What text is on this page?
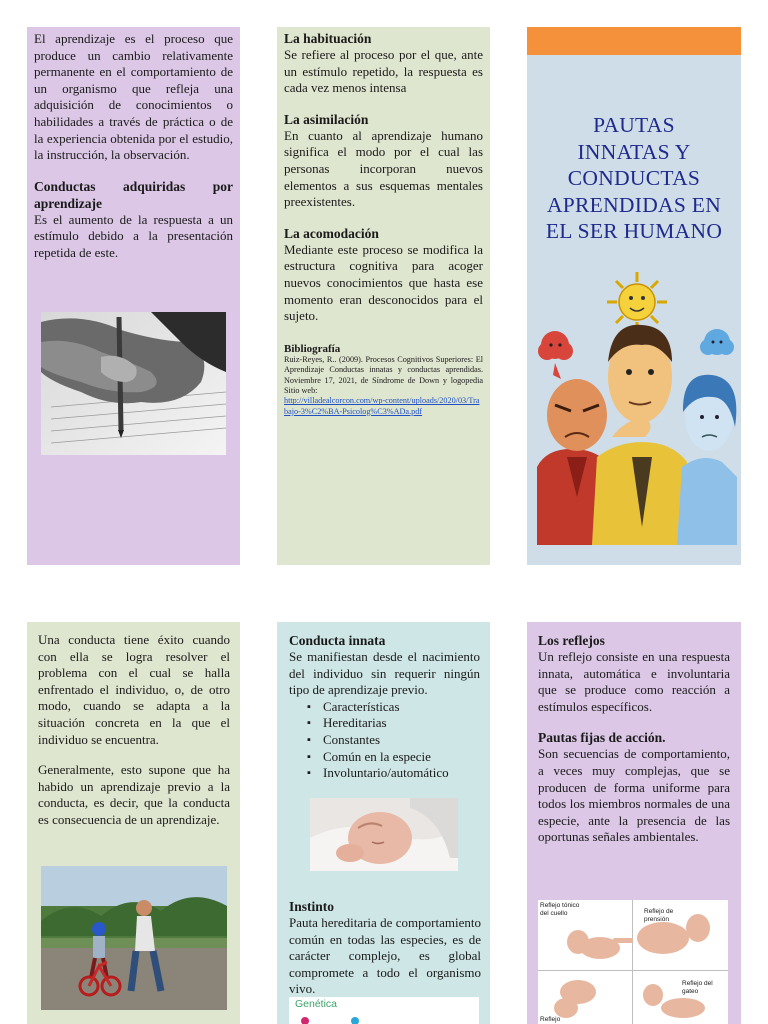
El aprendizaje es el proceso que produce un cambio relativamente permanente en el comportamiento de un organismo que refleja una adquisición de conocimientos o habilidades a través de práctica o de la experiencia obtenida por el estudio, la instrucción, la observación.

Conductas adquiridas por aprendizaje

Es el aumento de la respuesta a un estímulo debido a la presentación repetida de este.

La habituación

Se refiere al proceso por el que, ante un estímulo repetido, la respuesta es cada vez menos intensa

La asimilación

En cuanto al aprendizaje humano significa el modo por el cual las personas incorporan nuevos elementos a sus esquemas mentales preexistentes.

La acomodación

Mediante este proceso se modifica la estructura cognitiva para acoger nuevos conocimientos que hasta ese momento eran desconocidos para el sujeto.

Bibliografía

Ruiz-Reyes, R.. (2009). Procesos Cognitivos Superiores: El Aprendizaje Conductas innatas y conductas aprendidas. Noviembre 17, 2021, de Síndrome de Down y logopedia Sitio web:

http://villadealcorcon.com/wp-content/uploads/2020/03/Trabajo-3%C2%BA-Psicolog%C3%ADa.pdf

PAUTAS
INNATAS Y
CONDUCTAS
APRENDIDAS EN
EL SER HUMANO

Una conducta tiene éxito cuando con ella se logra resolver el problema con el cual se halla enfrentado el individuo, o, de otro modo, cuando se adapta a la situación concreta en la que el individuo se encuentra.

Generalmente, esto supone que ha habido un aprendizaje previo a la conducta, es decir, que la conducta es consecuencia de un aprendizaje.

Conducta innata

Se manifiestan desde el nacimiento del individuo sin requerir ningún tipo de aprendizaje previo.

▪ Características
▪ Hereditarias
▪ Constantes
▪ Común en la especie
▪ Involuntario/automático

Instinto

Pauta hereditaria de comportamiento común en todas las especies, es de carácter complejo, es global compromete a todo el organismo vivo.

Genética

Los reflejos

Un reflejo consiste en una respuesta innata, automática e involuntaria que se produce como reacción a estímulos específicos.

Pautas fijas de acción.

Son secuencias de comportamiento, a veces muy complejas, que se producen de forma uniforme para todos los miembros normales de una especie, ante la presencia de las oportunas señales ambientales.

Reflejo tónico del cuello	Reflejo de prensión
Reflejo del gateo
Reflejo
